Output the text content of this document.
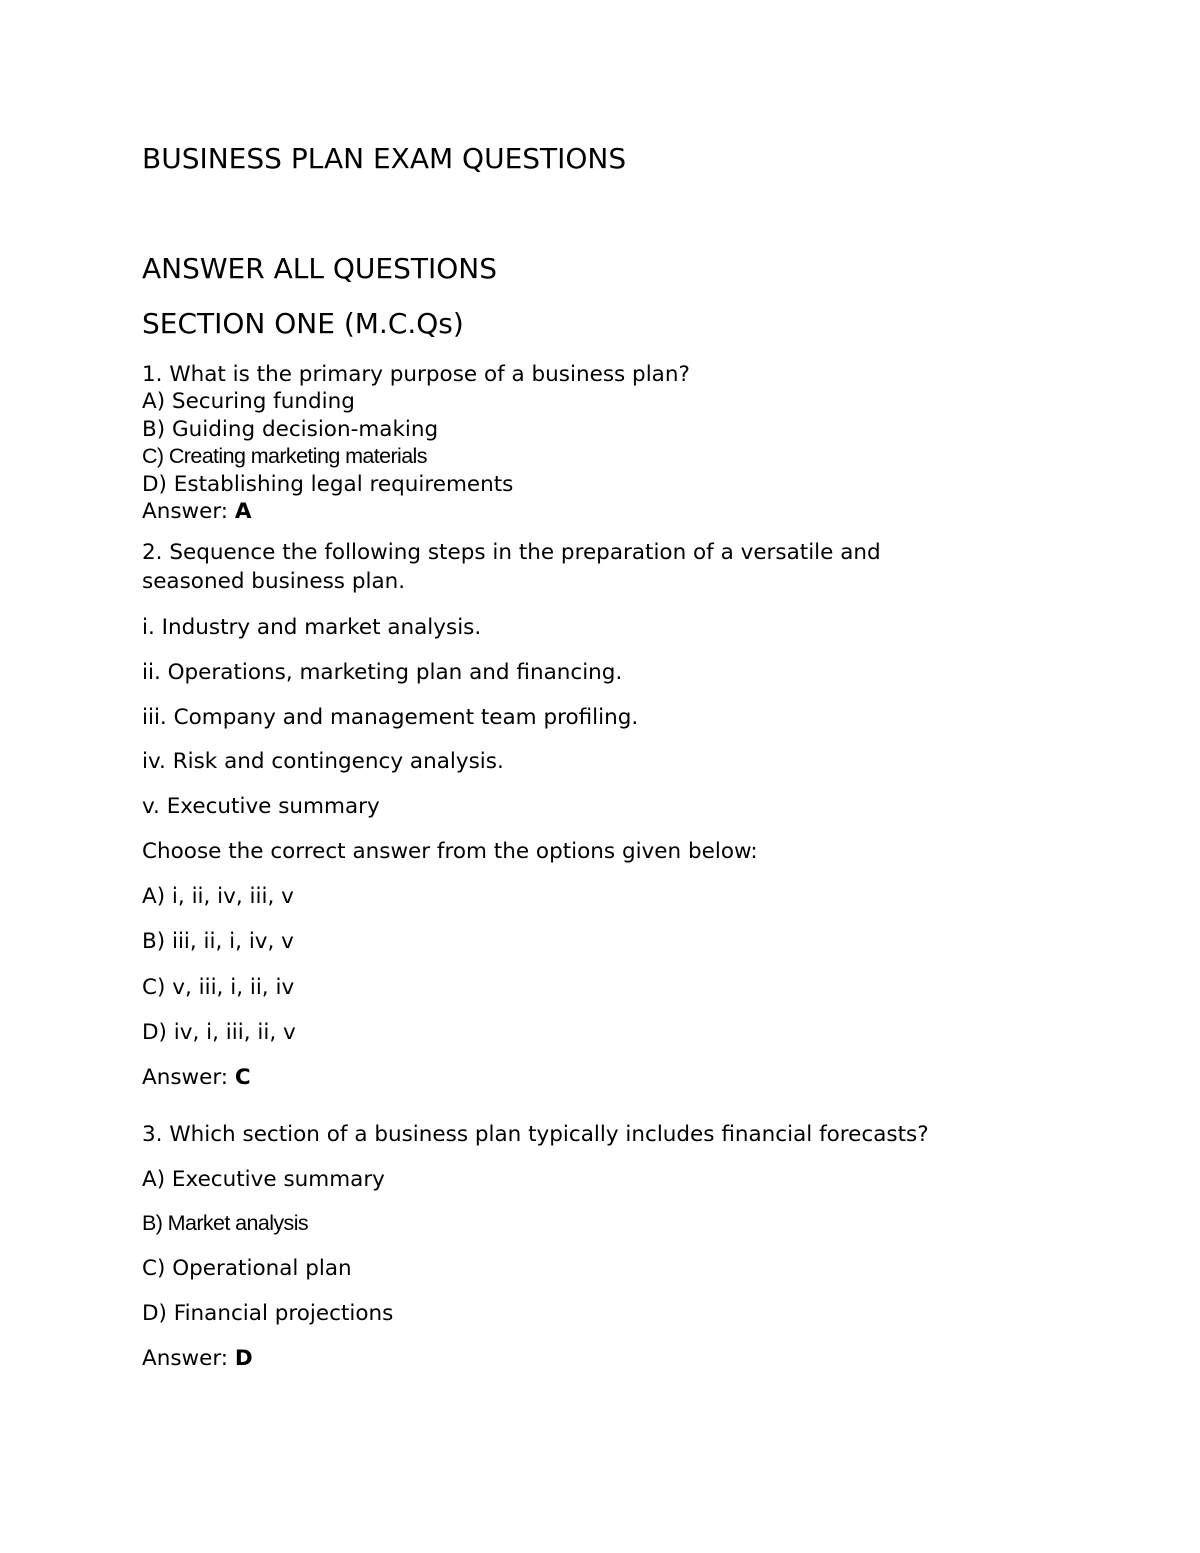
BUSINESS PLAN EXAM QUESTIONS

ANSWER ALL QUESTIONS

SECTION ONE (M.C.Qs)

1. What is the primary purpose of a business plan?

A) Securing funding

B) Guiding decision-making

C) Creating marketing materials

D) Establishing legal requirements

Answer: A

2. Sequence the following steps in the preparation of a versatile and

seasoned business plan.

i. Industry and market analysis.

ii. Operations, marketing plan and financing.

iii. Company and management team profiling.

iv. Risk and contingency analysis.

v. Executive summary

Choose the correct answer from the options given below:

A) i, ii, iv, iii, v

B) iii, ii, i, iv, v

C) v, iii, i, ii, iv

D) iv, i, iii, ii, v

Answer: C

3. Which section of a business plan typically includes financial forecasts?

A) Executive summary

B) Market analysis

C) Operational plan

D) Financial projections

Answer: D
